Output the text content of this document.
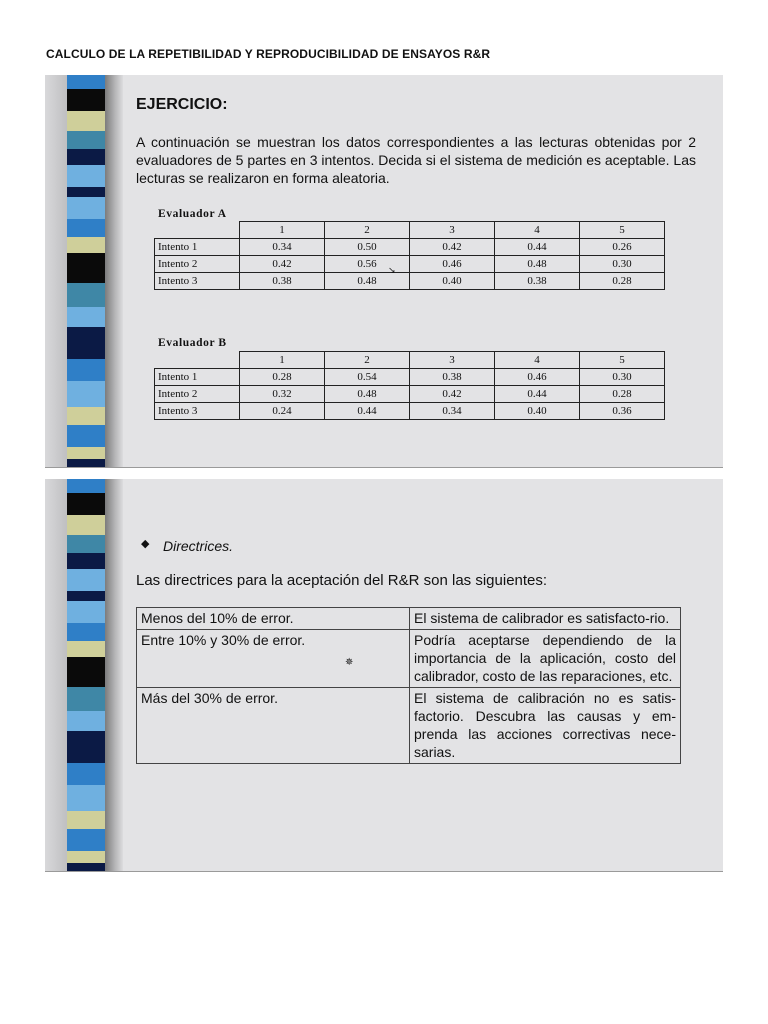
CALCULO DE LA REPETIBILIDAD Y REPRODUCIBILIDAD DE ENSAYOS R&R
EJERCICIO:
A continuación se muestran los datos correspondientes a las lecturas obtenidas por 2 evaluadores de 5 partes en 3 intentos. Decida si el sistema de medición es aceptable. Las lecturas se realizaron en forma aleatoria.
Evaluador A
	1	2	3	4	5
Intento 1	0.34	0.50	0.42	0.44	0.26
Intento 2	0.42	0.56	0.46	0.48	0.30
Intento 3	0.38	0.48	0.40	0.38	0.28
↘
Evaluador B
	1	2	3	4	5
Intento 1	0.28	0.54	0.38	0.46	0.30
Intento 2	0.32	0.48	0.42	0.44	0.28
Intento 3	0.24	0.44	0.34	0.40	0.36
◆ Directrices.
Las directrices para la aceptación del R&R son las siguientes:
Menos del 10% de error.	El sistema de calibrador es satisfacto-rio.
Entre 10% y 30% de error.	Podría aceptarse dependiendo de la importancia de la aplicación, costo del calibrador, costo de las reparaciones, etc.
Más del 30% de error.	El sistema de calibración no es satis-factorio. Descubra las causas y em-prenda las acciones correctivas nece-sarias.
✵
